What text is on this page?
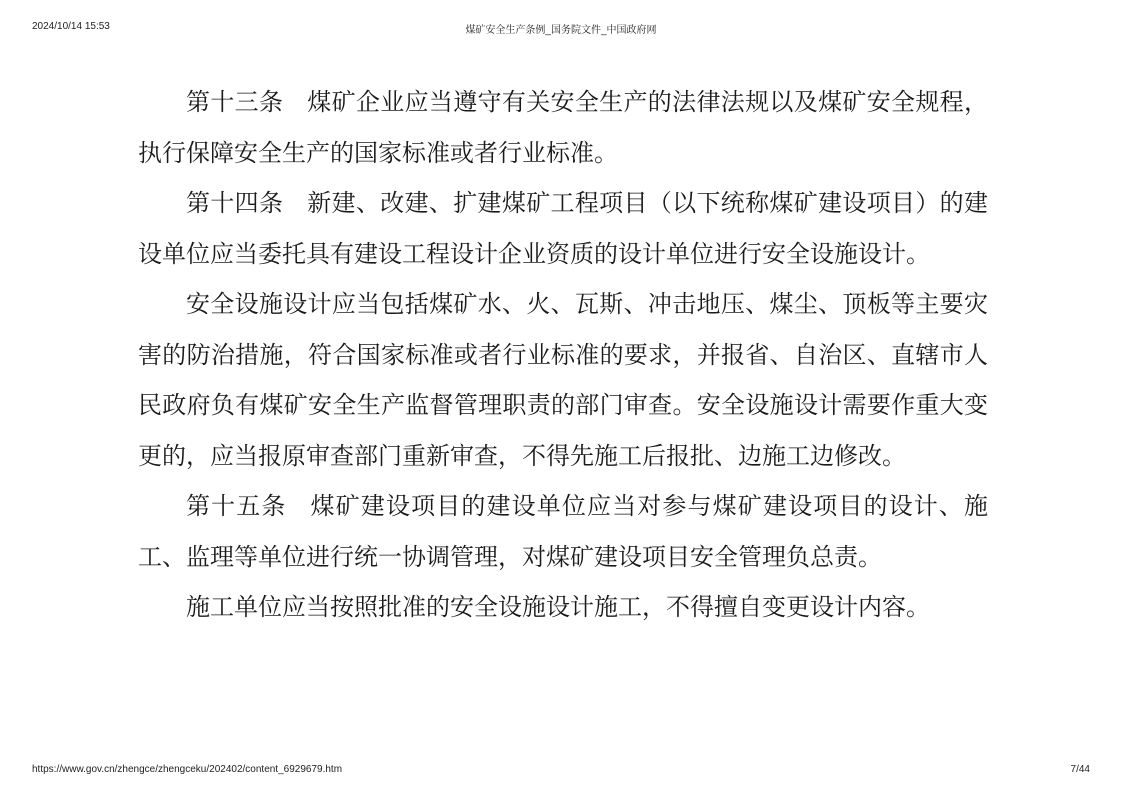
2024/10/14 15:53	煤矿安全生产条例_国务院文件_中国政府网

第十三条 煤矿企业应当遵守有关安全生产的法律法规以及煤矿安全规程，执行保障安全生产的国家标准或者行业标准。

第十四条 新建、改建、扩建煤矿工程项目（以下统称煤矿建设项目）的建设单位应当委托具有建设工程设计企业资质的设计单位进行安全设施设计。

安全设施设计应当包括煤矿水、火、瓦斯、冲击地压、煤尘、顶板等主要灾害的防治措施，符合国家标准或者行业标准的要求，并报省、自治区、直辖市人民政府负有煤矿安全生产监督管理职责的部门审查。安全设施设计需要作重大变更的，应当报原审查部门重新审查，不得先施工后报批、边施工边修改。

第十五条 煤矿建设项目的建设单位应当对参与煤矿建设项目的设计、施工、监理等单位进行统一协调管理，对煤矿建设项目安全管理负总责。

施工单位应当按照批准的安全设施设计施工，不得擅自变更设计内容。

https://www.gov.cn/zhengce/zhengceku/202402/content_6929679.htm	7/44
